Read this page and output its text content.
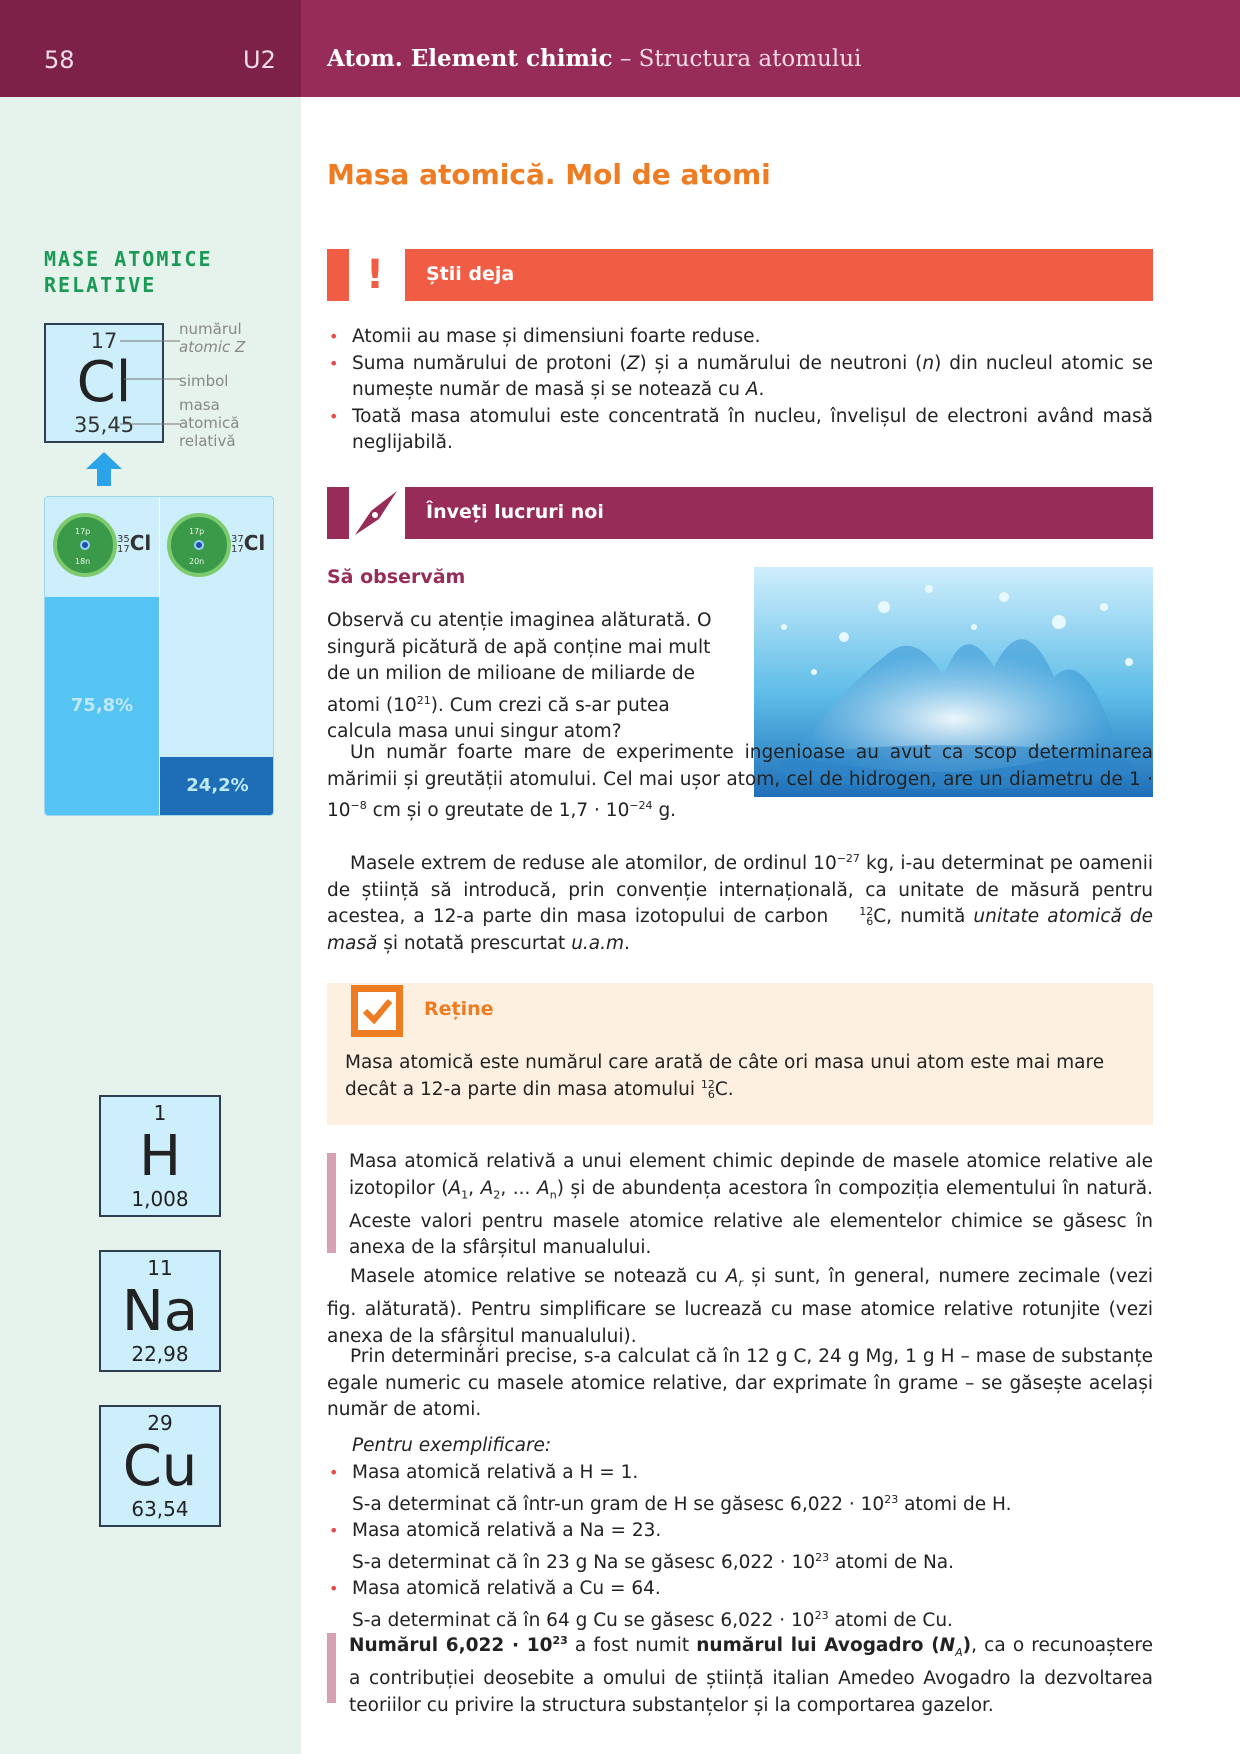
58	U2 Atom. Element chimic – Structura atomului
MASE ATOMICE
RELATIVE
17
Cl
35,45
numărul
atomic Z
simbol
masa
atomică
relativă
75,8%
24,2%
17p
18n
35
17 Cl	17p
20n
37
17 Cl
1
H
1,008
11
Na
22,98
29
Cu
63,54
Masa atomică. Mol de atomi
!	Știi deja
• Atomii au mase și dimensiuni foarte reduse.
• Suma numărului de protoni (Z) și a numărului de neutroni (n) din nucleul atomic se numește număr de masă și se notează cu A.
• Toată masa atomului este concentrată în nucleu, învelișul de electroni având masă neglijabilă.
Înveți lucruri noi
Să observăm
Observă cu atenție imaginea alăturată. O singură picătură de apă conține mai mult de un milion de milioane de miliarde de atomi $(10^{21})$. Cum crezi că s-ar putea calcula masa unui singur atom?
Un număr foarte mare de experimente ingenioase au avut ca scop determinarea mărimii și greutății atomului. Cel mai ușor atom, cel de hidrogen, are un diametru de $1 \cdot 10^{-8}$ cm și o greutate de $1,7 \cdot 10^{-24}$ g.
Masele extrem de reduse ale atomilor, de ordinul $10^{-27}$ kg, i-au determinat pe oamenii de știință să introducă, prin convenție internațională, ca unitate de măsură pentru acestea, a 12-a parte din masa izotopului de carbon	12
6 C, numită unitate atomică de masă și notată prescurtat u.a.m.
Reține
Masa atomică este numărul care arată de câte ori masa unui atom este mai mare decât a 12-a parte din masa atomului 12
6 C.
Masa atomică relativă a unui element chimic depinde de masele atomice relative ale izotopilor ($A_1$, $A_2$, ... $A_n$) și de abundența acestora în compoziția elementului în natură. Aceste valori pentru masele atomice relative ale elementelor chimice se găsesc în anexa de la sfârșitul manualului.
Masele atomice relative se notează cu $A_r$ și sunt, în general, numere zecimale (vezi fig. alăturată). Pentru simplificare se lucrează cu mase atomice relative rotunjite (vezi anexa de la sfârșitul manualului).
Prin determinări precise, s-a calculat că în 12 g C, 24 g Mg, 1 g H – mase de substanțe egale numeric cu masele atomice relative, dar exprimate în grame – se găsește același număr de atomi.
Pentru exemplificare:
• Masa atomică relativă a H = 1.
S-a determinat că într-un gram de H se găsesc $6,022 \cdot 10^{23}$ atomi de H.
• Masa atomică relativă a Na = 23.
S-a determinat că în 23 g Na se găsesc $6,022 \cdot 10^{23}$ atomi de Na.
• Masa atomică relativă a Cu = 64.
S-a determinat că în 64 g Cu se găsesc $6,022 \cdot 10^{23}$ atomi de Cu.
Numărul $6,022 \cdot 10^{23}$ a fost numit numărul lui Avogadro $(N_A)$, ca o recunoaștere a contribuției deosebite a omului de știință italian Amedeo Avogadro la dezvoltarea teoriilor cu privire la structura substanțelor și la comportarea gazelor.
